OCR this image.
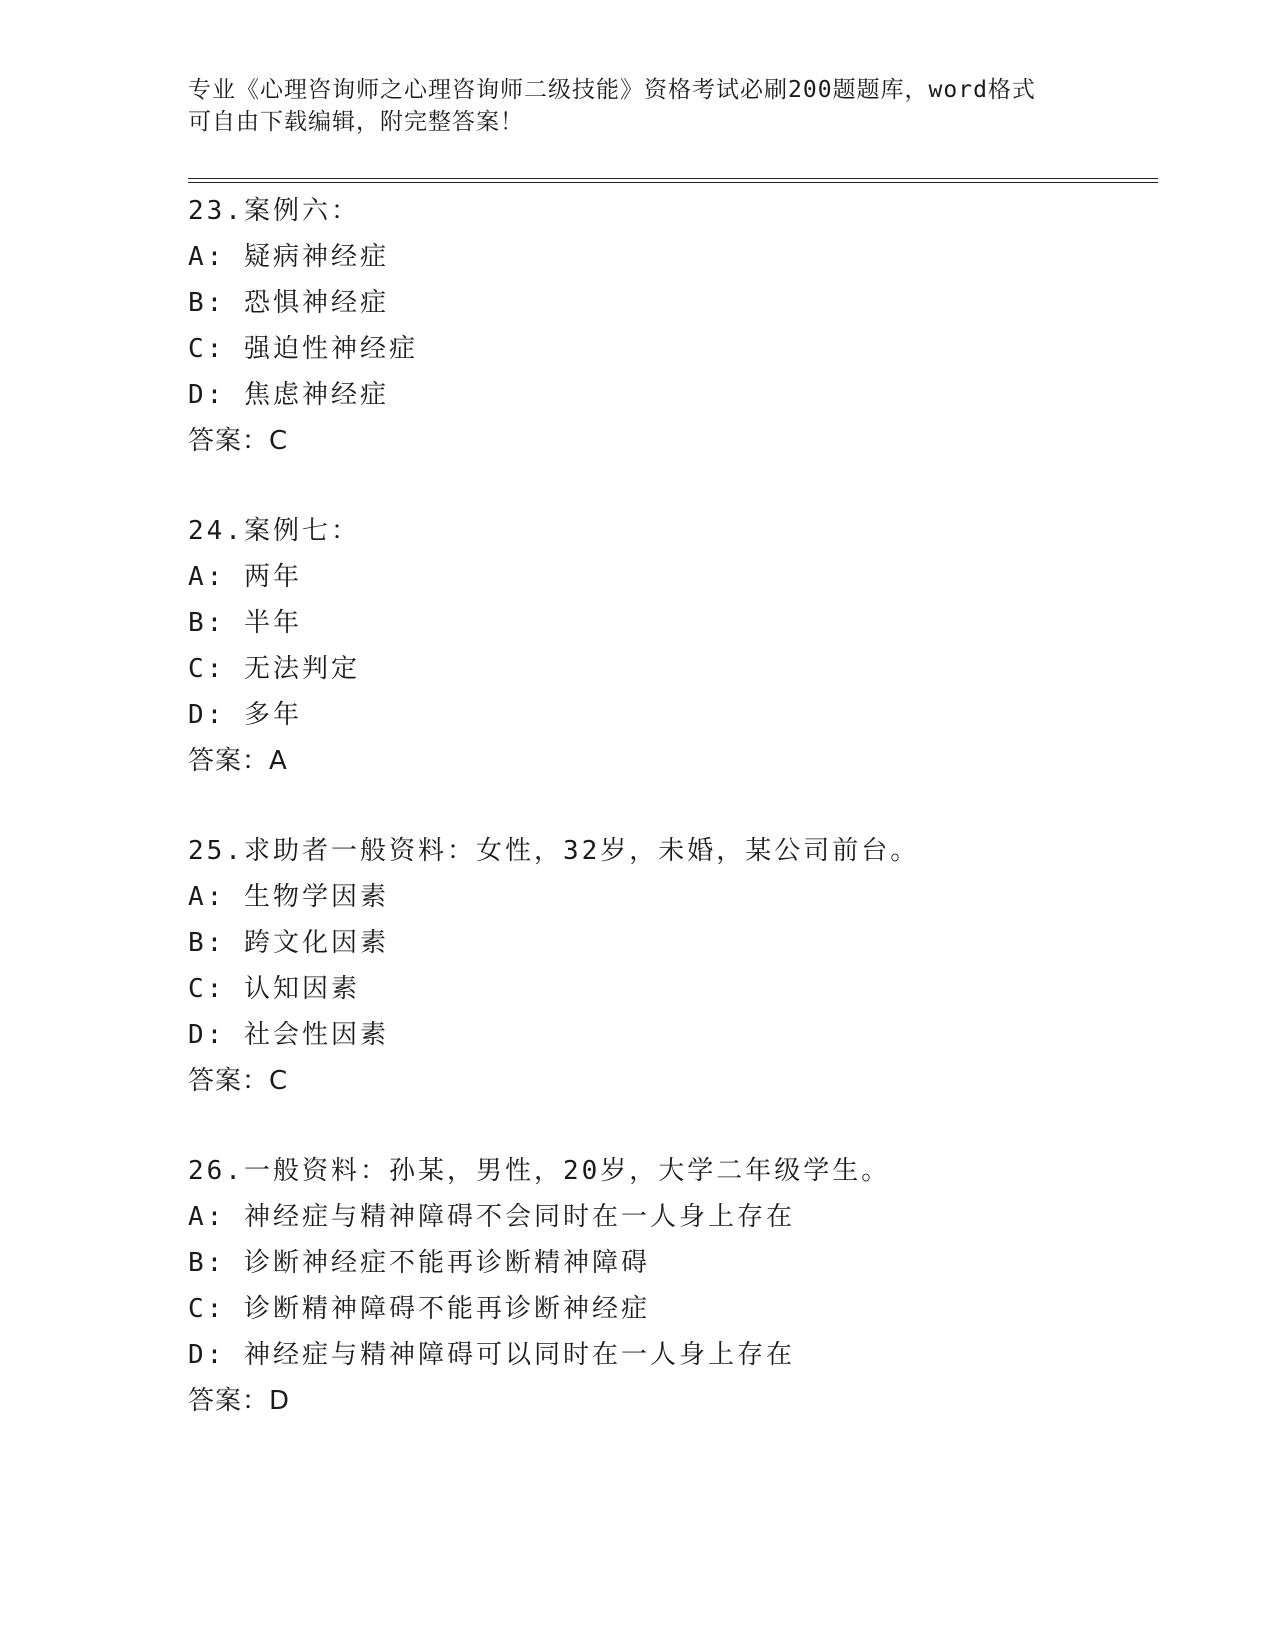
专业《心理咨询师之心理咨询师二级技能》资格考试必刷200题题库，word格式
可自由下载编辑，附完整答案！
23.案例六：
A: 疑病神经症
B: 恐惧神经症
C: 强迫性神经症
D: 焦虑神经症
答案：C
24.案例七：
A: 两年
B: 半年
C: 无法判定
D: 多年
答案：A
25.求助者一般资料：女性，32岁，未婚，某公司前台。
A: 生物学因素
B: 跨文化因素
C: 认知因素
D: 社会性因素
答案：C
26.一般资料：孙某，男性，20岁，大学二年级学生。
A: 神经症与精神障碍不会同时在一人身上存在
B: 诊断神经症不能再诊断精神障碍
C: 诊断精神障碍不能再诊断神经症
D: 神经症与精神障碍可以同时在一人身上存在
答案：D
